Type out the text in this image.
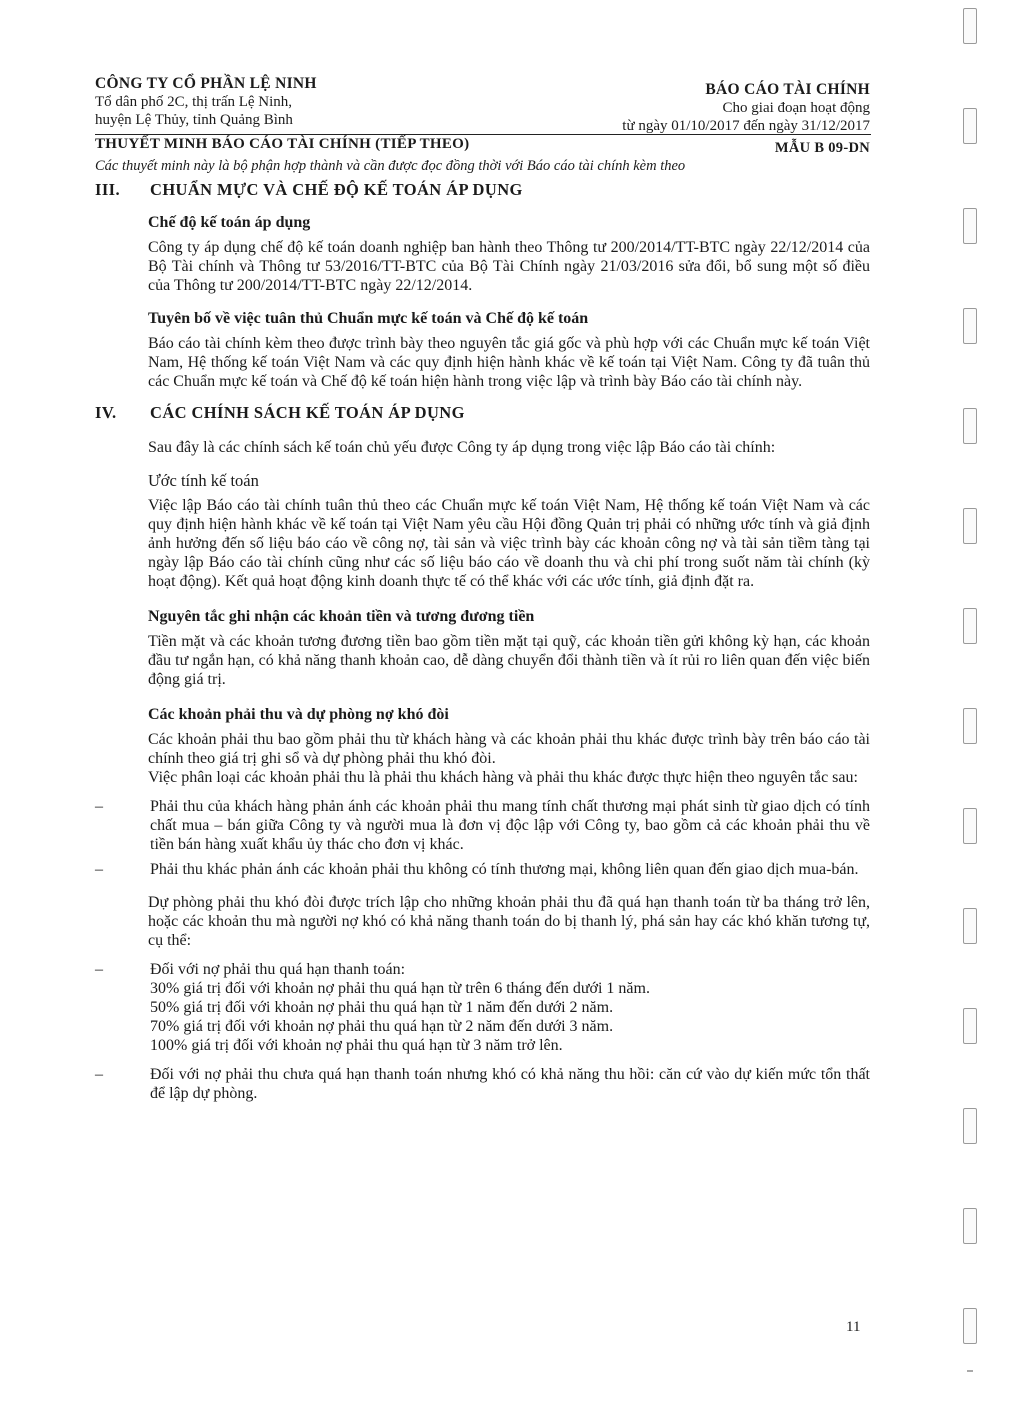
CÔNG TY CỔ PHẦN LỆ NINH
Tổ dân phố 2C, thị trấn Lệ Ninh,
huyện Lệ Thủy, tỉnh Quảng Bình
BÁO CÁO TÀI CHÍNH
Cho giai đoạn hoạt động
từ ngày 01/10/2017 đến ngày 31/12/2017
THUYẾT MINH BÁO CÁO TÀI CHÍNH (TIẾP THEO)	MẪU B 09-DN
Các thuyết minh này là bộ phận hợp thành và cần được đọc đồng thời với Báo cáo tài chính kèm theo
III.	CHUẨN MỰC VÀ CHẾ ĐỘ KẾ TOÁN ÁP DỤNG
Chế độ kế toán áp dụng

Công ty áp dụng chế độ kế toán doanh nghiệp ban hành theo Thông tư 200/2014/TT-BTC ngày 22/12/2014 của Bộ Tài chính và Thông tư 53/2016/TT-BTC của Bộ Tài Chính ngày 21/03/2016 sửa đổi, bổ sung một số điều của Thông tư 200/2014/TT-BTC ngày 22/12/2014.

Tuyên bố về việc tuân thủ Chuẩn mực kế toán và Chế độ kế toán

Báo cáo tài chính kèm theo được trình bày theo nguyên tắc giá gốc và phù hợp với các Chuẩn mực kế toán Việt Nam, Hệ thống kế toán Việt Nam và các quy định hiện hành khác về kế toán tại Việt Nam. Công ty đã tuân thủ các Chuẩn mực kế toán và Chế độ kế toán hiện hành trong việc lập và trình bày Báo cáo tài chính này.

IV.	CÁC CHÍNH SÁCH KẾ TOÁN ÁP DỤNG

Sau đây là các chính sách kế toán chủ yếu được Công ty áp dụng trong việc lập Báo cáo tài chính:

Ước tính kế toán

Việc lập Báo cáo tài chính tuân thủ theo các Chuẩn mực kế toán Việt Nam, Hệ thống kế toán Việt Nam và các quy định hiện hành khác về kế toán tại Việt Nam yêu cầu Hội đồng Quản trị phải có những ước tính và giả định ảnh hưởng đến số liệu báo cáo về công nợ, tài sản và việc trình bày các khoản công nợ và tài sản tiềm tàng tại ngày lập Báo cáo tài chính cũng như các số liệu báo cáo về doanh thu và chi phí trong suốt năm tài chính (kỳ hoạt động). Kết quả hoạt động kinh doanh thực tế có thể khác với các ước tính, giả định đặt ra.

Nguyên tắc ghi nhận các khoản tiền và tương đương tiền

Tiền mặt và các khoản tương đương tiền bao gồm tiền mặt tại quỹ, các khoản tiền gửi không kỳ hạn, các khoản đầu tư ngắn hạn, có khả năng thanh khoản cao, dễ dàng chuyển đổi thành tiền và ít rủi ro liên quan đến việc biến động giá trị.

Các khoản phải thu và dự phòng nợ khó đòi

Các khoản phải thu bao gồm phải thu từ khách hàng và các khoản phải thu khác được trình bày trên báo cáo tài chính theo giá trị ghi sổ và dự phòng phải thu khó đòi.

Việc phân loại các khoản phải thu là phải thu khách hàng và phải thu khác được thực hiện theo nguyên tắc sau:

–	Phải thu của khách hàng phản ánh các khoản phải thu mang tính chất thương mại phát sinh từ giao dịch có tính chất mua – bán giữa Công ty và người mua là đơn vị độc lập với Công ty, bao gồm cả các khoản phải thu về tiền bán hàng xuất khẩu ủy thác cho đơn vị khác.
–	Phải thu khác phản ánh các khoản phải thu không có tính thương mại, không liên quan đến giao dịch mua-bán.

Dự phòng phải thu khó đòi được trích lập cho những khoản phải thu đã quá hạn thanh toán từ ba tháng trở lên, hoặc các khoản thu mà người nợ khó có khả năng thanh toán do bị thanh lý, phá sản hay các khó khăn tương tự, cụ thể:

–	Đối với nợ phải thu quá hạn thanh toán:
30% giá trị đối với khoản nợ phải thu quá hạn từ trên 6 tháng đến dưới 1 năm.
50% giá trị đối với khoản nợ phải thu quá hạn từ 1 năm đến dưới 2 năm.
70% giá trị đối với khoản nợ phải thu quá hạn từ 2 năm đến dưới 3 năm.
100% giá trị đối với khoản nợ phải thu quá hạn từ 3 năm trở lên.
–	Đối với nợ phải thu chưa quá hạn thanh toán nhưng khó có khả năng thu hồi: căn cứ vào dự kiến mức tổn thất để lập dự phòng.
11
